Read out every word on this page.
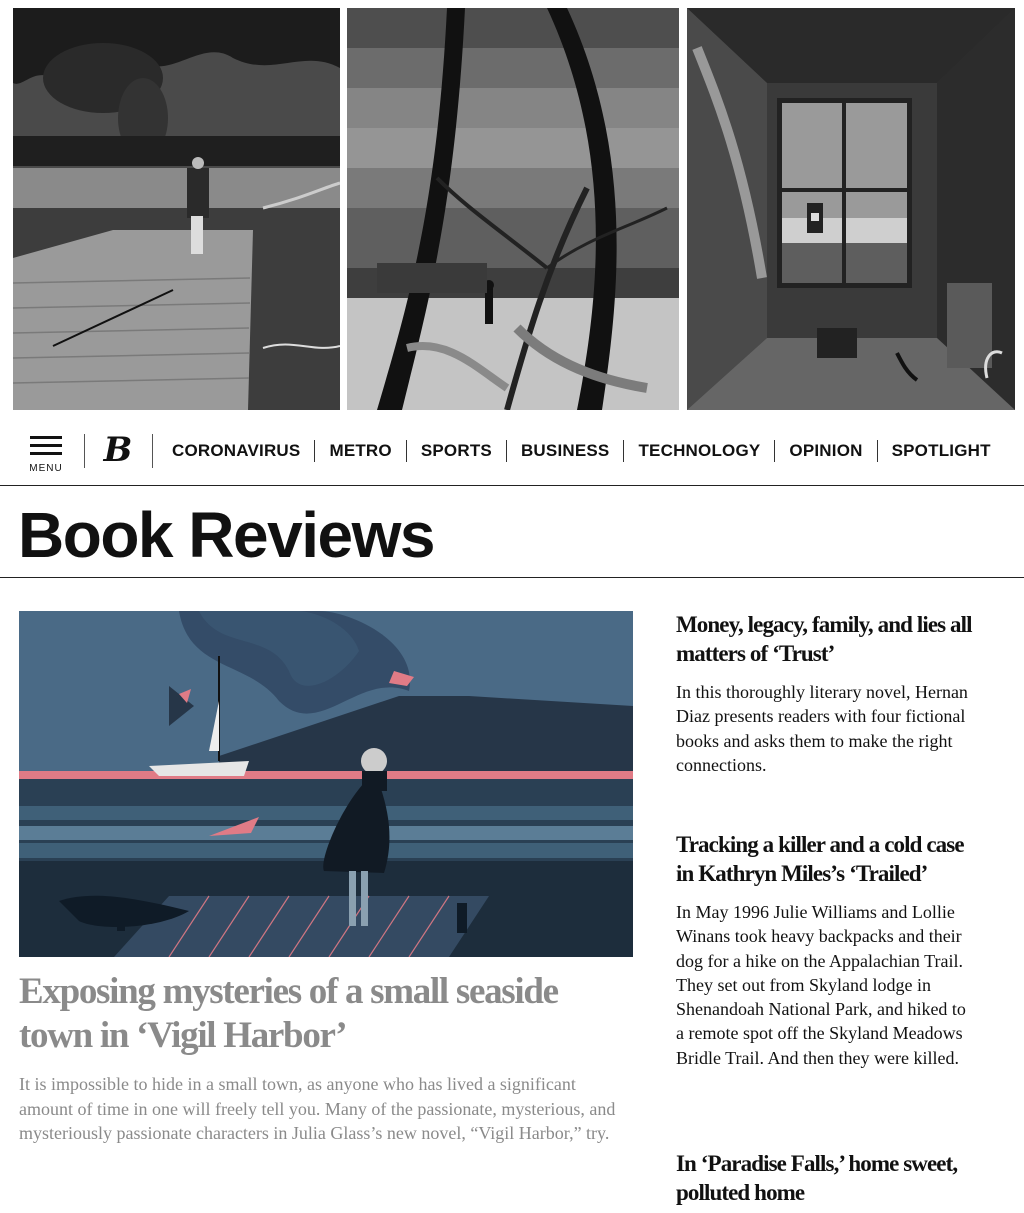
MENU B CORONAVIRUS METRO SPORTS BUSINESS TECHNOLOGY OPINION SPOTLIGHT
Book Reviews
Exposing mysteries of a small seaside town in ‘Vigil Harbor’

It is impossible to hide in a small town, as anyone who has lived a significant amount of time in one will freely tell you. Many of the passionate, mysterious, and mysteriously passionate characters in Julia Glass’s new novel, “Vigil Harbor,” try.

Money, legacy, family, and lies all matters of ‘Trust’

In this thoroughly literary novel, Hernan Diaz presents readers with four fictional books and asks them to make the right connections.

Tracking a killer and a cold case in Kathryn Miles’s ‘Trailed’

In May 1996 Julie Williams and Lollie Winans took heavy backpacks and their dog for a hike on the Appalachian Trail. They set out from Skyland lodge in Shenandoah National Park, and hiked to a remote spot off the Skyland Meadows Bridle Trail. And then they were killed.

In ‘Paradise Falls,’ home sweet, polluted home
